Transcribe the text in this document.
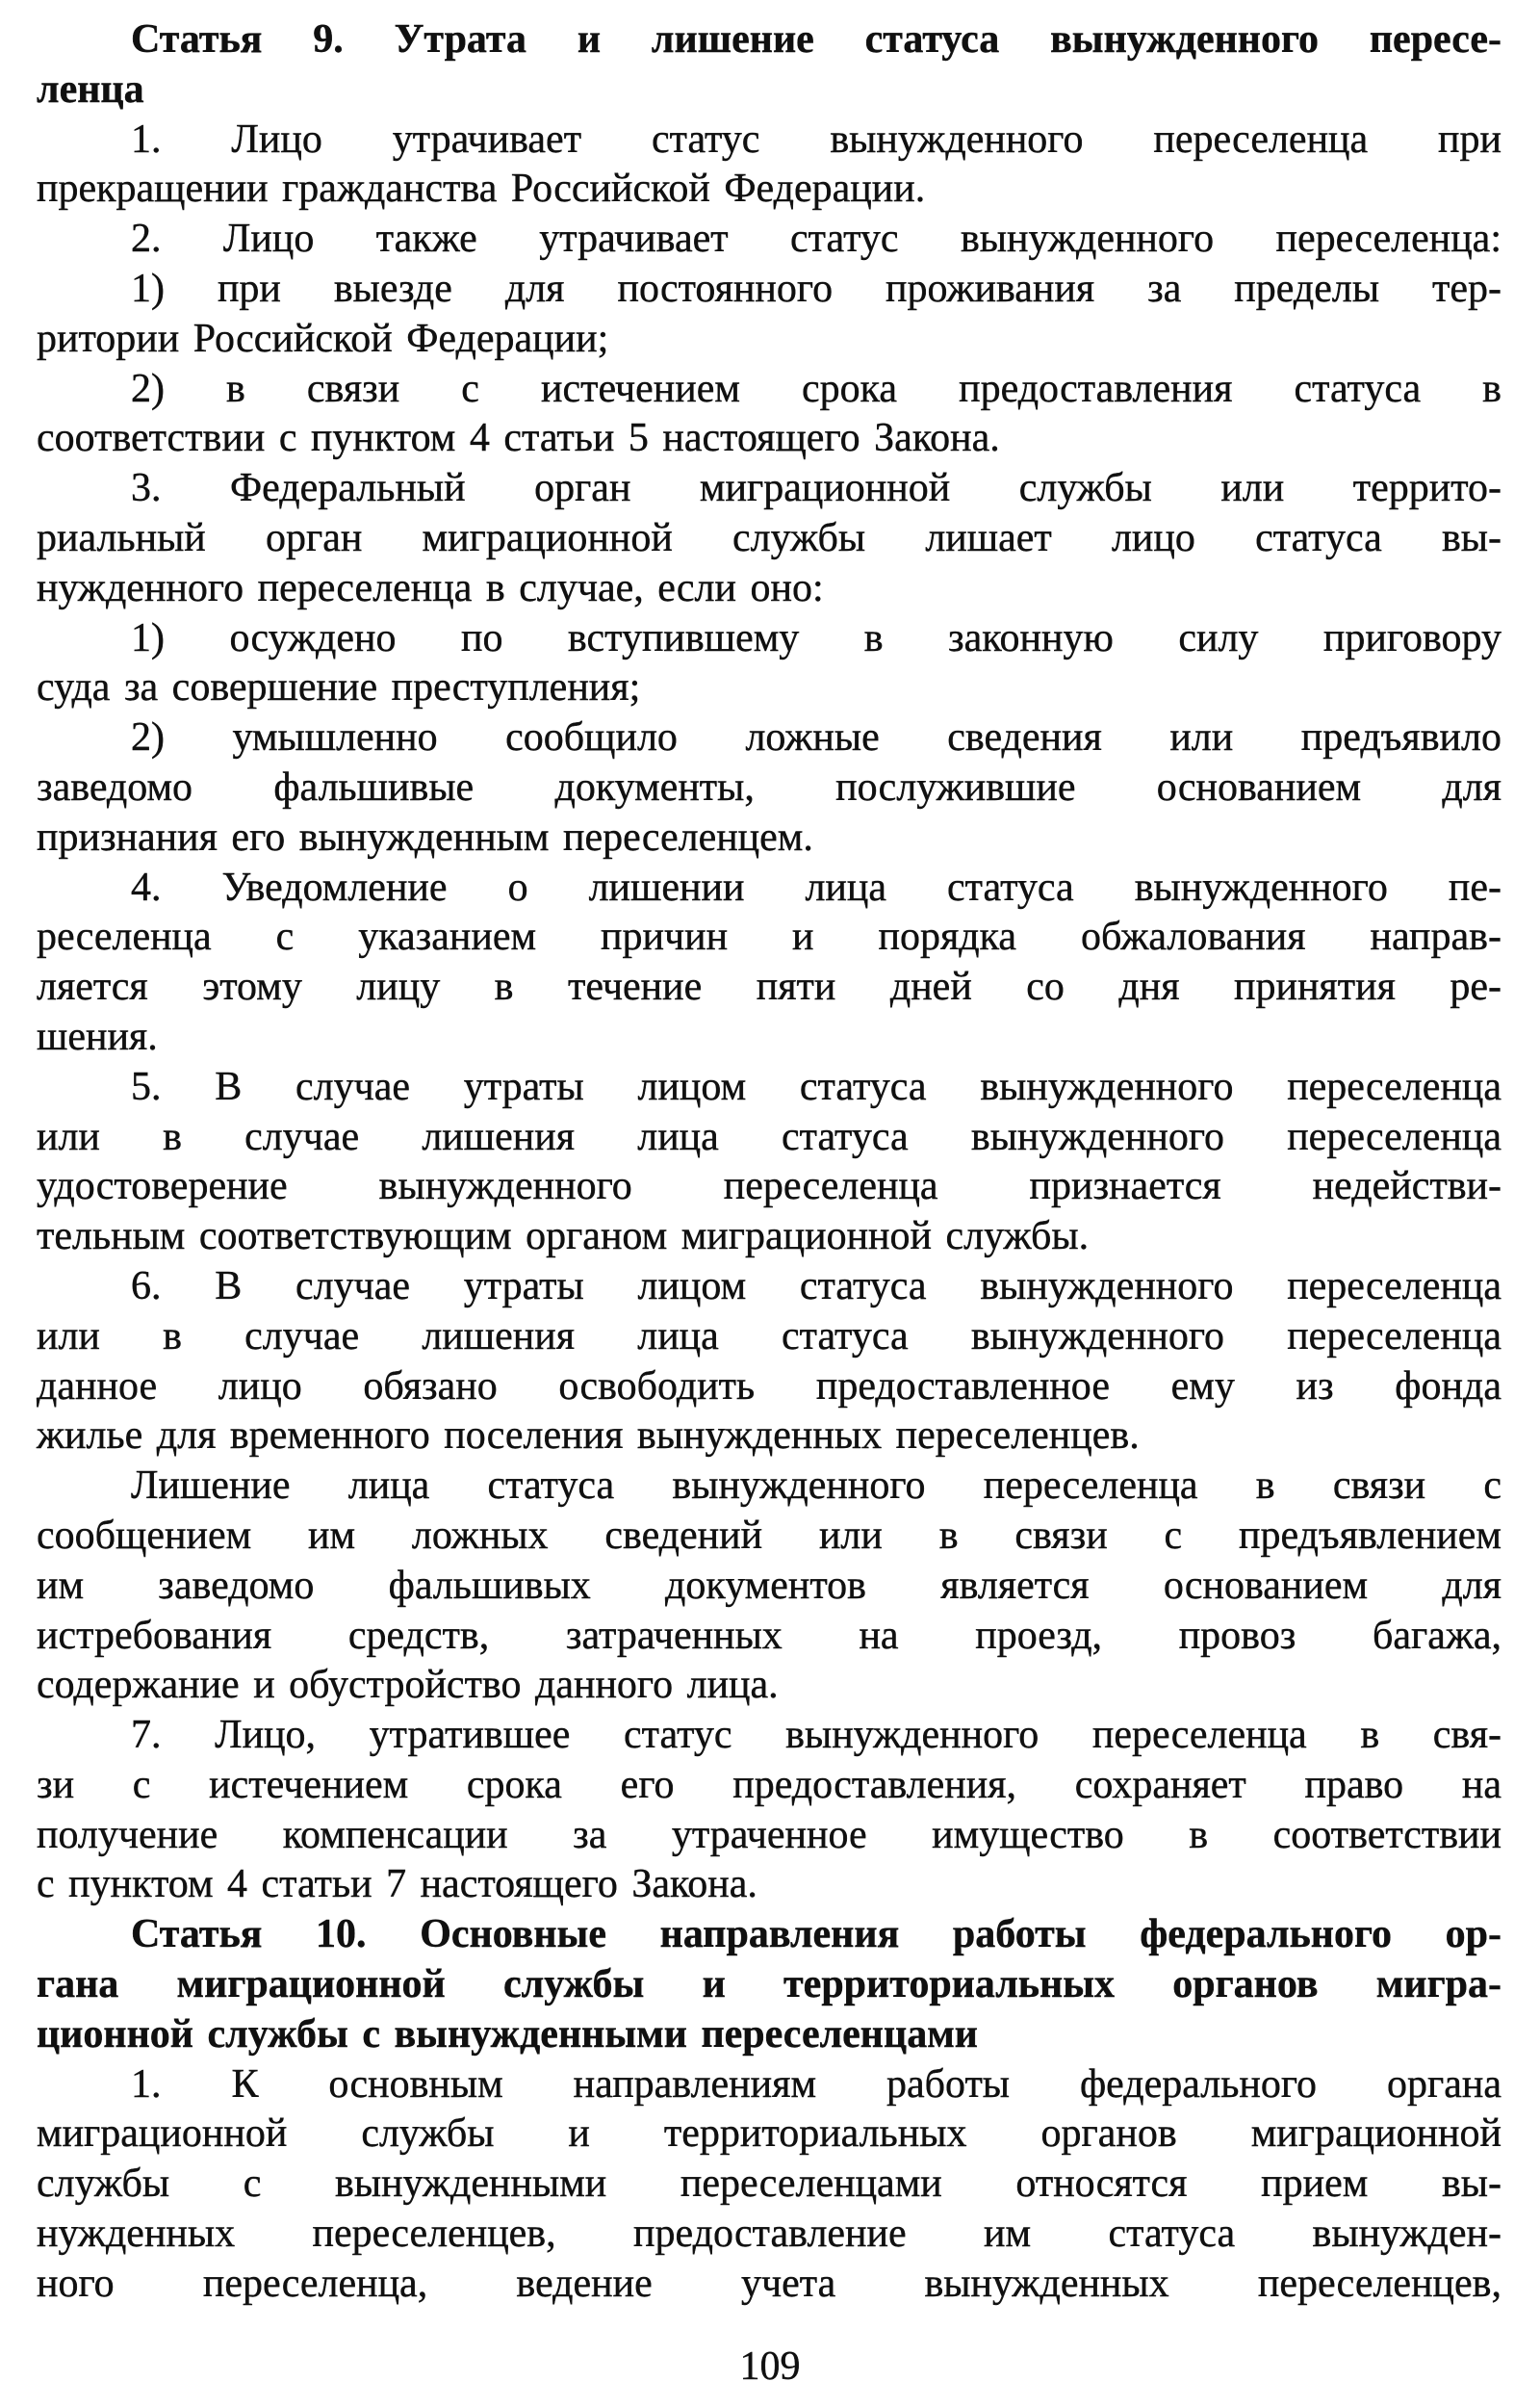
Статья 9. Утрата и лишение статуса вынужденного пересе-
ленца
1. Лицо утрачивает статус вынужденного переселенца при
прекращении гражданства Российской Федерации.
2. Лицо также утрачивает статус вынужденного переселенца:
1) при выезде для постоянного проживания за пределы тер-
ритории Российской Федерации;
2) в связи с истечением срока предоставления статуса в
соответствии с пунктом 4 статьи 5 настоящего Закона.
3. Федеральный орган миграционной службы или террито-
риальный орган миграционной службы лишает лицо статуса вы-
нужденного переселенца в случае, если оно:
1) осуждено по вступившему в законную силу приговору
суда за совершение преступления;
2) умышленно сообщило ложные сведения или предъявило
заведомо фальшивые документы, послужившие основанием для
признания его вынужденным переселенцем.
4. Уведомление о лишении лица статуса вынужденного пе-
реселенца с указанием причин и порядка обжалования направ-
ляется этому лицу в течение пяти дней со дня принятия ре-
шения.
5. В случае утраты лицом статуса вынужденного переселенца
или в случае лишения лица статуса вынужденного переселенца
удостоверение вынужденного переселенца признается недействи-
тельным соответствующим органом миграционной службы.
6. В случае утраты лицом статуса вынужденного переселенца
или в случае лишения лица статуса вынужденного переселенца
данное лицо обязано освободить предоставленное ему из фонда
жилье для временного поселения вынужденных переселенцев.
Лишение лица статуса вынужденного переселенца в связи с
сообщением им ложных сведений или в связи с предъявлением
им заведомо фальшивых документов является основанием для
истребования средств, затраченных на проезд, провоз багажа,
содержание и обустройство данного лица.
7. Лицо, утратившее статус вынужденного переселенца в свя-
зи с истечением срока его предоставления, сохраняет право на
получение компенсации за утраченное имущество в соответствии
с пунктом 4 статьи 7 настоящего Закона.
Статья 10. Основные направления работы федерального ор-
гана миграционной службы и территориальных органов мигра-
ционной службы с вынужденными переселенцами
1. К основным направлениям работы федерального органа
миграционной службы и территориальных органов миграционной
службы с вынужденными переселенцами относятся прием вы-
нужденных переселенцев, предоставление им статуса вынужден-
ного переселенца, ведение учета вынужденных переселенцев,
109
